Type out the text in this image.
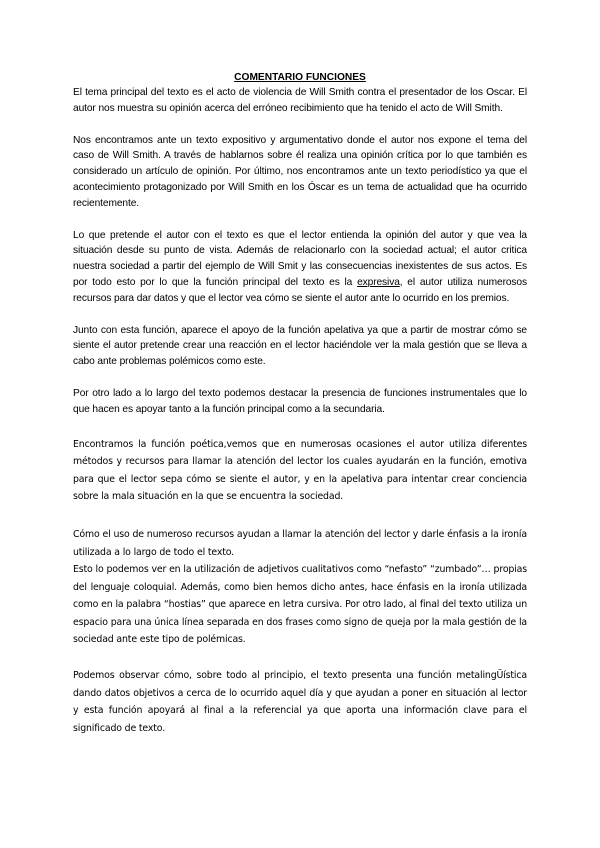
COMENTARIO FUNCIONES

El tema principal del texto es el acto de violencia de Will Smith contra el presentador de los Oscar. El autor nos muestra su opinión acerca del erróneo recibimiento que ha tenido el acto de Will Smith.

Nos encontramos ante un texto expositivo y argumentativo donde el autor nos expone el tema del caso de Will Smith. A través de hablarnos sobre él realiza una opinión crítica por lo que también es considerado un artículo de opinión. Por último, nos encontramos ante un texto periodístico ya que el acontecimiento protagonizado por Will Smith en los Óscar es un tema de actualidad que ha ocurrido recientemente.

Lo que pretende el autor con el texto es que el lector entienda la opinión del autor y que vea la situación desde su punto de vista. Además de relacionarlo con la sociedad actual; el autor critica nuestra sociedad a partir del ejemplo de Will Smit y las consecuencias inexistentes de sus actos. Es por todo esto por lo que la función principal del texto es la expresiva, el autor utiliza numerosos recursos para dar datos y que el lector vea cómo se siente el autor ante lo ocurrido en los premios.

Junto con esta función, aparece el apoyo de la función apelativa ya que a partir de mostrar cómo se siente el autor pretende crear una reacción en el lector haciéndole ver la mala gestión que se lleva a cabo ante problemas polémicos como este.

Por otro lado a lo largo del texto podemos destacar la presencia de funciones instrumentales que lo que hacen es apoyar tanto a la función principal como a la secundaria.

Encontramos la función poética,vemos que en numerosas ocasiones el autor utiliza diferentes métodos y recursos para llamar la atención del lector los cuales ayudarán en la función, emotiva para que el lector sepa cómo se siente el autor, y en la apelativa para intentar crear conciencia sobre la mala situación en la que se encuentra la sociedad.

Cómo el uso de numeroso recursos ayudan a llamar la atención del lector y darle énfasis a la ironía utilizada a lo largo de todo el texto.

Esto lo podemos ver en la utilización de adjetivos cualitativos como “nefasto” “zumbado”… propias del lenguaje coloquial. Además, como bien hemos dicho antes, hace énfasis en la ironía utilizada como en la palabra “hostias” que aparece en letra cursiva. Por otro lado, al final del texto utiliza un espacio para una única línea separada en dos frases como signo de queja por la mala gestión de la sociedad ante este tipo de polémicas.

Podemos observar cómo, sobre todo al principio, el texto presenta una función metalingÜística dando datos objetivos a cerca de lo ocurrido aquel día y que ayudan a poner en situación al lector y esta función apoyará al final a la referencial ya que aporta una información clave para el significado de texto.
